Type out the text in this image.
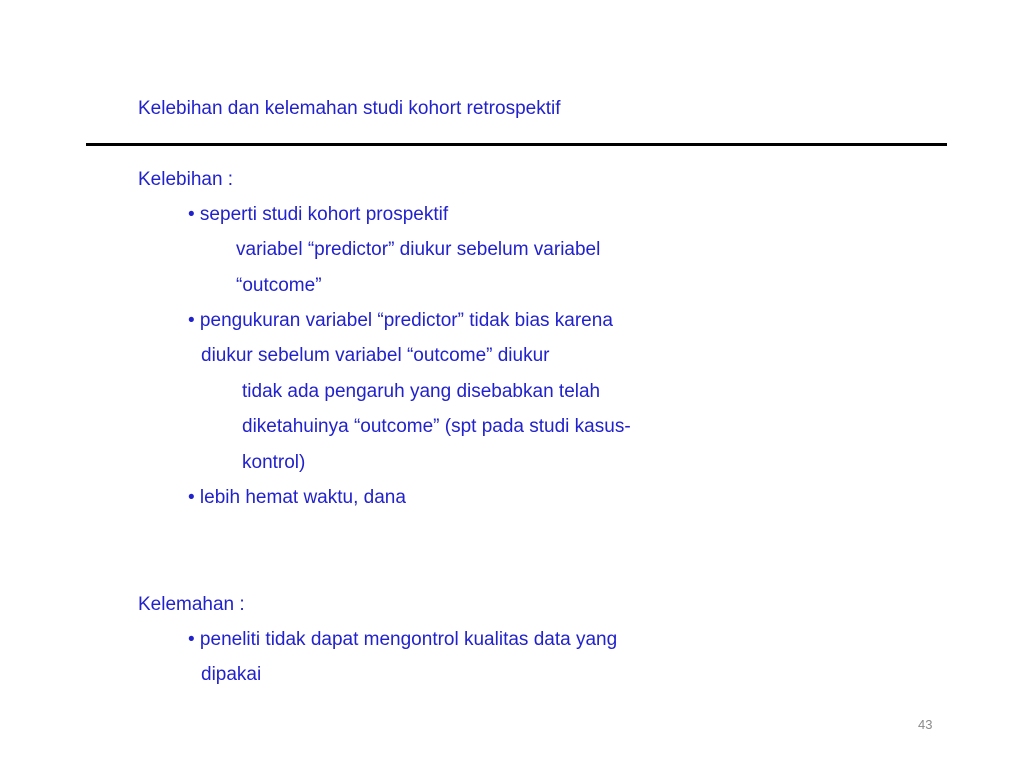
Kelebihan dan kelemahan studi kohort retrospektif
Kelebihan :
• seperti studi kohort prospektif
variabel “predictor” diukur sebelum variabel
“outcome”
• pengukuran variabel “predictor” tidak bias karena
diukur sebelum variabel “outcome” diukur
tidak ada pengaruh yang disebabkan telah
diketahuinya “outcome” (spt pada studi kasus-
kontrol)
• lebih hemat waktu, dana
Kelemahan :
• peneliti tidak dapat mengontrol kualitas data yang
dipakai
43
